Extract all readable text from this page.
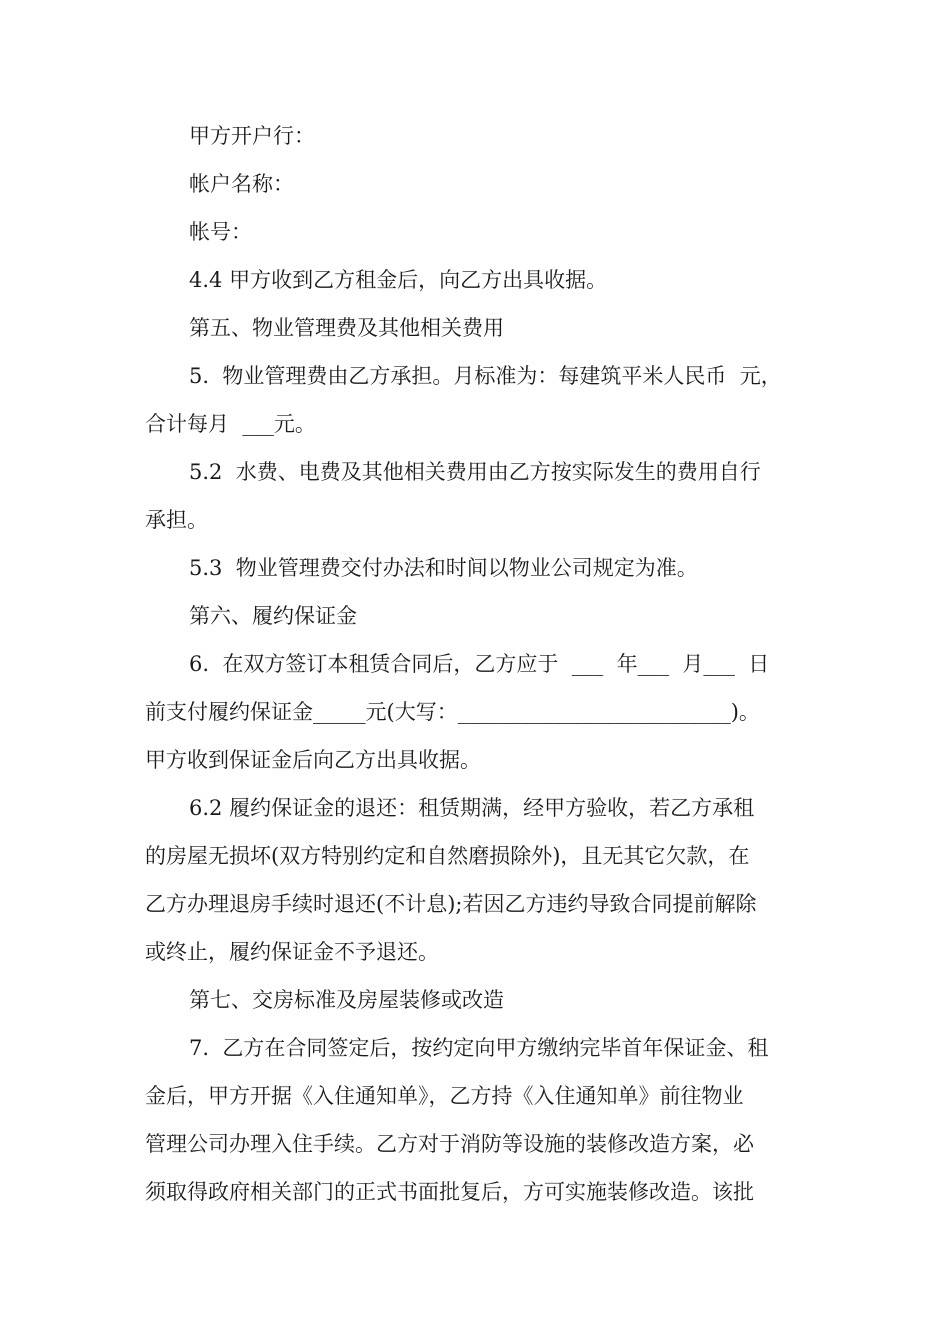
甲方开户行：
帐户名称：
帐号：
4.4 甲方收到乙方租金后，向乙方出具收据。
第五、物业管理费及其他相关费用
5.  物业管理费由乙方承担。月标准为：每建筑平米人民币  元，
合计每月  ___元。
5.2  水费、电费及其他相关费用由乙方按实际发生的费用自行
承担。
5.3  物业管理费交付办法和时间以物业公司规定为准。
第六、履约保证金
6.  在双方签订本租赁合同后，乙方应于  ___  年___  月___  日
前支付履约保证金_____元(大写：__________________________)。
甲方收到保证金后向乙方出具收据。
6.2 履约保证金的退还：租赁期满，经甲方验收，若乙方承租
的房屋无损坏(双方特别约定和自然磨损除外)，且无其它欠款，在
乙方办理退房手续时退还(不计息);若因乙方违约导致合同提前解除
或终止，履约保证金不予退还。
第七、交房标准及房屋装修或改造
7.  乙方在合同签定后，按约定向甲方缴纳完毕首年保证金、租
金后，甲方开据《入住通知单》，乙方持《入住通知单》前往物业
管理公司办理入住手续。乙方对于消防等设施的装修改造方案，必
须取得政府相关部门的正式书面批复后，方可实施装修改造。该批
